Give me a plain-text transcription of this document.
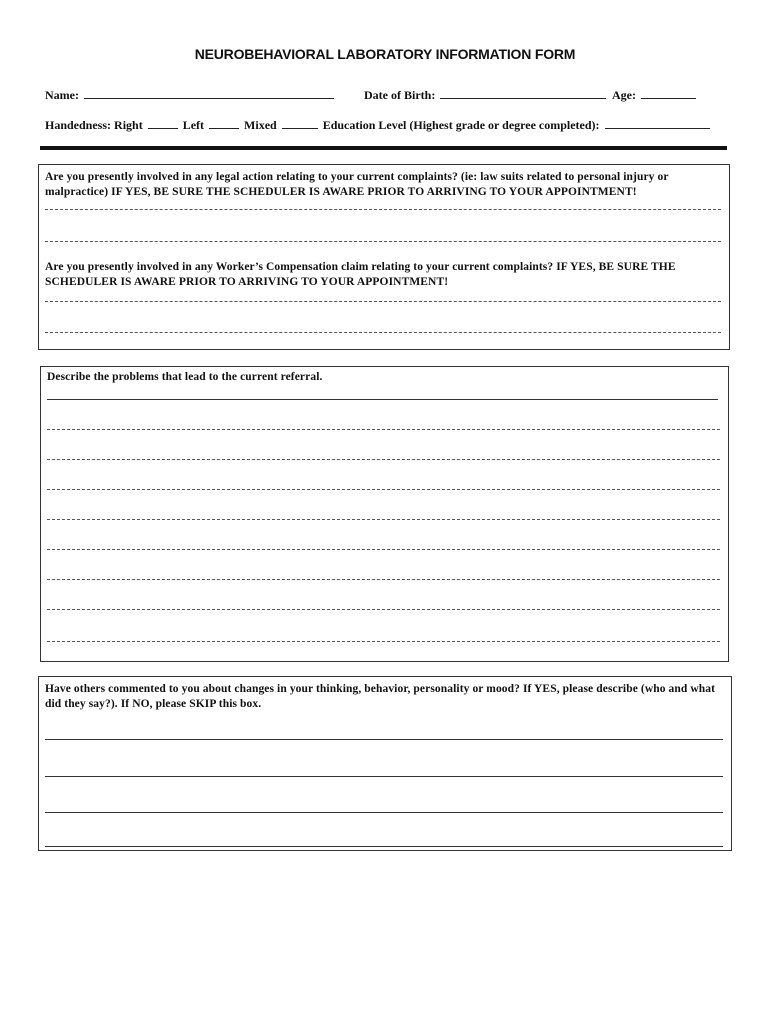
NEUROBEHAVIORAL LABORATORY INFORMATION FORM
Name:	Date of Birth:	Age:
Handedness: Right	Left	Mixed	Education Level (Highest grade or degree completed):
Are you presently involved in any legal action relating to your current complaints? (ie: law suits related to personal injury or malpractice) IF YES, BE SURE THE SCHEDULER IS AWARE PRIOR TO ARRIVING TO YOUR APPOINTMENT!
Are you presently involved in any Worker’s Compensation claim relating to your current complaints? IF YES, BE SURE THE SCHEDULER IS AWARE PRIOR TO ARRIVING TO YOUR APPOINTMENT!
Describe the problems that lead to the current referral.
Have others commented to you about changes in your thinking, behavior, personality or mood? If YES, please describe (who and what did they say?). If NO, please SKIP this box.
